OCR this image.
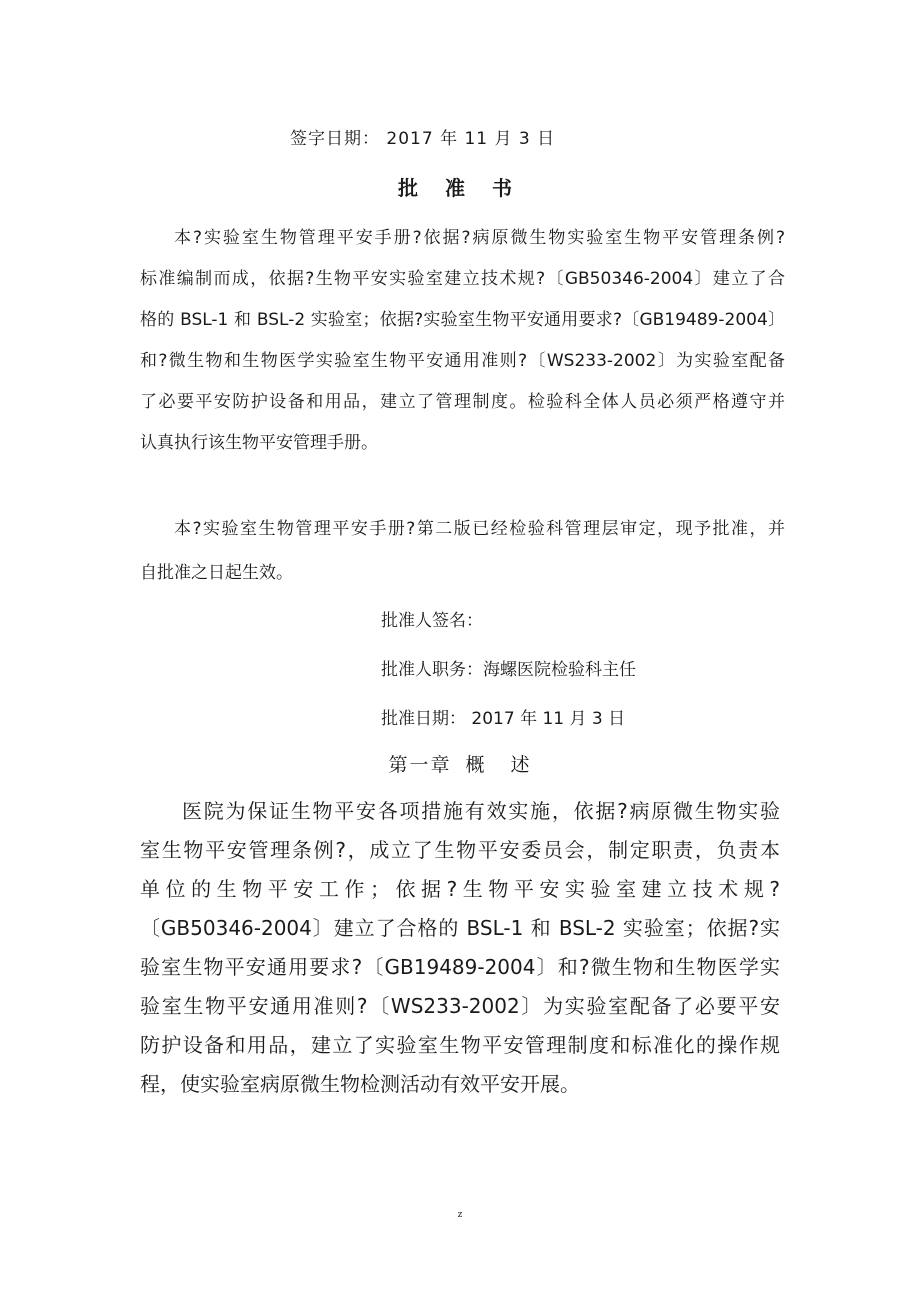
签字日期： 2017 年 11 月 3 日

批 准 书

本?实验室生物管理平安手册?依据?病原微生物实验室生物平安管理条例?
标准编制而成，依据?生物平安实验室建立技术规?〔GB50346-2004〕建立了合
格的 BSL-1 和 BSL-2 实验室；依据?实验室生物平安通用要求?〔GB19489-2004〕
和?微生物和生物医学实验室生物平安通用准则?〔WS233-2002〕为实验室配备
了必要平安防护设备和用品，建立了管理制度。检验科全体人员必须严格遵守并
认真执行该生物平安管理手册。
本?实验室生物管理平安手册?第二版已经检验科管理层审定，现予批准，并
自批准之日起生效。

批准人签名：

批准人职务：海螺医院检验科主任

批准日期： 2017 年 11 月 3 日

第一章 概 述

医院为保证生物平安各项措施有效实施，依据?病原微生物实验
室生物平安管理条例?，成立了生物平安委员会，制定职责，负责本
单位的生物平安工作；依据?生物平安实验室建立技术规?
〔GB50346-2004〕建立了合格的 BSL-1 和 BSL-2 实验室；依据?实
验室生物平安通用要求?〔GB19489-2004〕和?微生物和生物医学实
验室生物平安通用准则?〔WS233-2002〕为实验室配备了必要平安
防护设备和用品，建立了实验室生物平安管理制度和标准化的操作规
程，使实验室病原微生物检测活动有效平安开展。

z
